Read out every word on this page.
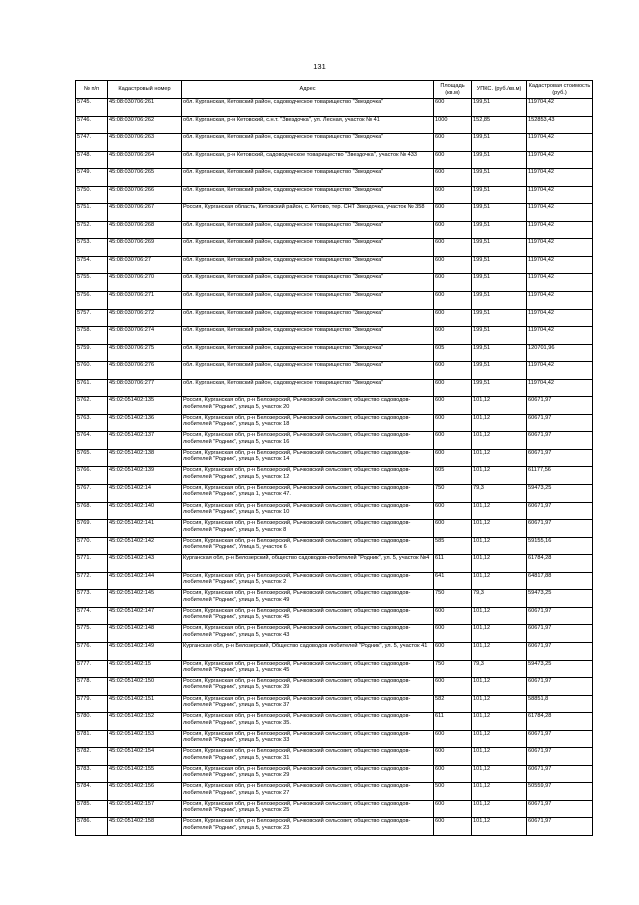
131
№ п/п	Кадастровый номер	Адрес	Площадь (кв.м)	УПКС. (руб./кв.м)	Кадастровая стоимость (руб.)
5745.	45:08:030706:261	обл. Курганская, Кетовский район, садоводческое товарищество "Звездочка"	600	199,51	119704,42
5746.	45:08:030706:262	обл. Курганская, р-н Кетовский, с.н.т. "Звездочка", ул. Лесная, участок № 41	1000	152,85	152853,43
5747.	45:08:030706:263	обл. Курганская, Кетовский район, садоводческое товарищество "Звездочка"	600	199,51	119704,42
5748.	45:08:030706:264	обл. Курганская, р-н Кетовский, садоводческое товарищество "Звездочка", участок № 433	600	199,51	119704,42
5749.	45:08:030706:265	обл. Курганская, Кетовский район, садоводческое товарищество "Звездочка"	600	199,51	119704,42
5750.	45:08:030706:266	обл. Курганская, Кетовский район, садоводческое товарищество "Звездочка"	600	199,51	119704,42
5751.	45:08:030706:267	Россия, Курганская область, Кетовский район, с. Кетово, тер. СНТ Звездочка, участок № 358	600	199,51	119704,42
5752.	45:08:030706:268	обл. Курганская, Кетовский район, садоводческое товарищество "Звездочка"	600	199,51	119704,42
5753.	45:08:030706:269	обл. Курганская, Кетовский район, садоводческое товарищество "Звездочка"	600	199,51	119704,42
5754.	45:08:030706:27	обл. Курганская, Кетовский район, садоводческое товарищество "Звездочка"	600	199,51	119704,42
5755.	45:08:030706:270	обл. Курганская, Кетовский район, садоводческое товарищество "Звездочка"	600	199,51	119704,42
5756.	45:08:030706:271	обл. Курганская, Кетовский район, садоводческое товарищество "Звездочка"	600	199,51	119704,42
5757.	45:08:030706:272	обл. Курганская, Кетовский район, садоводческое товарищество "Звездочка"	600	199,51	119704,42
5758.	45:08:030706:274	обл. Курганская, Кетовский район, садоводческое товарищество "Звездочка"	600	199,51	119704,42
5759.	45:08:030706:275	обл. Курганская, Кетовский район, садоводческое товарищество "Звездочка"	605	199,51	120701,96
5760.	45:08:030706:276	обл. Курганская, Кетовский район, садоводческое товарищество "Звездочка"	600	199,51	119704,42
5761.	45:08:030706:277	обл. Курганская, Кетовский район, садоводческое товарищество "Звездочка"	600	199,51	119704,42
5762.	45:02:051402:135	Россия, Курганская обл, р-н Белозерский, Рычковский сельсовет, общество садоводов-любителей "Родник", улица 5, участок 20	600	101,12	60671,97
5763.	45:02:051402:136	Россия, Курганская обл, р-н Белозерский, Рычковский сельсовет, общество садоводов-любителей "Родник", улица 5, участок 18	600	101,12	60671,97
5764.	45:02:051402:137	Россия, Курганская обл, р-н Белозерский, Рычковский сельсовет, общество садоводов-любителей "Родник", улица 5, участок 16	600	101,12	60671,97
5765.	45:02:051402:138	Россия, Курганская обл, р-н Белозерский, Рычковский сельсовет, общество садоводов-любителей "Родник", улица 5, участок 14	600	101,12	60671,97
5766.	45:02:051402:139	Россия, Курганская обл, р-н Белозерский, Рычковский сельсовет, общество садоводов-любителей "Родник", улица 5, участок 12	605	101,12	61177,56
5767.	45:02:051402:14	Россия, Курганская обл, р-н Белозерский, Рычковский сельсовет, общество садоводов-любителей "Родник", улица 1, участок 47.	750	79,3	59473,25
5768.	45:02:051402:140	Россия, Курганская обл, р-н Белозерский, Рычковский сельсовет, общество садоводов-любителей "Родник", улица 5, участок 10	600	101,12	60671,97
5769.	45:02:051402:141	Россия, Курганская обл, р-н Белозерский, Рычковский сельсовет, общество садоводов-любителей "Родник", улица 5, участок 8	600	101,12	60671,97
5770.	45:02:051402:142	Россия, Курганская обл, р-н Белозерский, Рычковский сельсовет, общество садоводов-любителей "Родник", Улица 5, участок 6	585	101,12	59155,16
5771.	45:02:051402:143	Курганская обл, р-н Белозерский, общество садоводов-любителей "Родник", ул. 5, участок №4	611	101,12	61784,28
5772.	45:02:051402:144	Россия, Курганская обл, р-н Белозерский, Рычковский сельсовет, общество садоводов-любителей "Родник", улица 5, участок 2	641	101,12	64817,88
5773.	45:02:051402:145	Россия, Курганская обл, р-н Белозерский, Рычковский сельсовет, общество садоводов-любителей "Родник", улица 5, участок 49	750	79,3	59473,25
5774.	45:02:051402:147	Россия, Курганская обл, р-н Белозерский, Рычковский сельсовет, общество садоводов-любителей "Родник", улица 5, участок 45	600	101,12	60671,97
5775.	45:02:051402:148	Россия, Курганская обл, р-н Белозерский, Рычковский сельсовет, общество садоводов-любителей "Родник", улица 5, участок 43	600	101,12	60671,97
5776.	45:02:051402:149	Курганская обл, р-н Белозерский, Общество садоводов любителей "Родник", ул. 5, участок 41	600	101,12	60671,97
5777.	45:02:051402:15	Россия, Курганская обл, р-н Белозерский, Рычковский сельсовет, общество садоводов-любителей "Родник", улица 1, участок 45	750	79,3	59473,25
5778.	45:02:051402:150	Россия, Курганская обл, р-н Белозерский, Рычковский сельсовет, общество садоводов-любителей "Родник", улица 5, участок 39	600	101,12	60671,97
5779.	45:02:051402:151	Россия, Курганская обл, р-н Белозерский, Рычковский сельсовет, общество садоводов-любителей "Родник", улица 5, участок 37	582	101,12	58851,8
5780.	45:02:051402:152	Россия, Курганская обл, р-н Белозерский, Рычковский сельсовет, общество садоводов-любителей "Родник", улица 5, участок 35.	611	101,12	61784,28
5781.	45:02:051402:153	Россия, Курганская обл, р-н Белозерский, Рычковский сельсовет, общество садоводов-любителей "Родник", улица 5, участок 33	600	101,12	60671,97
5782.	45:02:051402:154	Россия, Курганская обл, р-н Белозерский, Рычковский сельсовет, общество садоводов-любителей "Родник", улица 5, участок 31	600	101,12	60671,97
5783.	45:02:051402:155	Россия, Курганская обл, р-н Белозерский, Рычковский сельсовет, общество садоводов-любителей "Родник", улица 5, участок 29	600	101,12	60671,97
5784.	45:02:051402:156	Россия, Курганская обл, р-н Белозерский, Рычковский сельсовет, общество садоводов-любителей "Родник", улица 5, участок 27	500	101,12	50559,97
5785.	45:02:051402:157	Россия, Курганская обл, р-н Белозерский, Рычковский сельсовет, общество садоводов-любителей "Родник", улица 5, участок 25	600	101,12	60671,97
5786.	45:02:051402:158	Россия, Курганская обл, р-н Белозерский, Рычковский сельсовет, общество садоводов-любителей "Родник", улица 5, участок 23	600	101,12	60671,97
